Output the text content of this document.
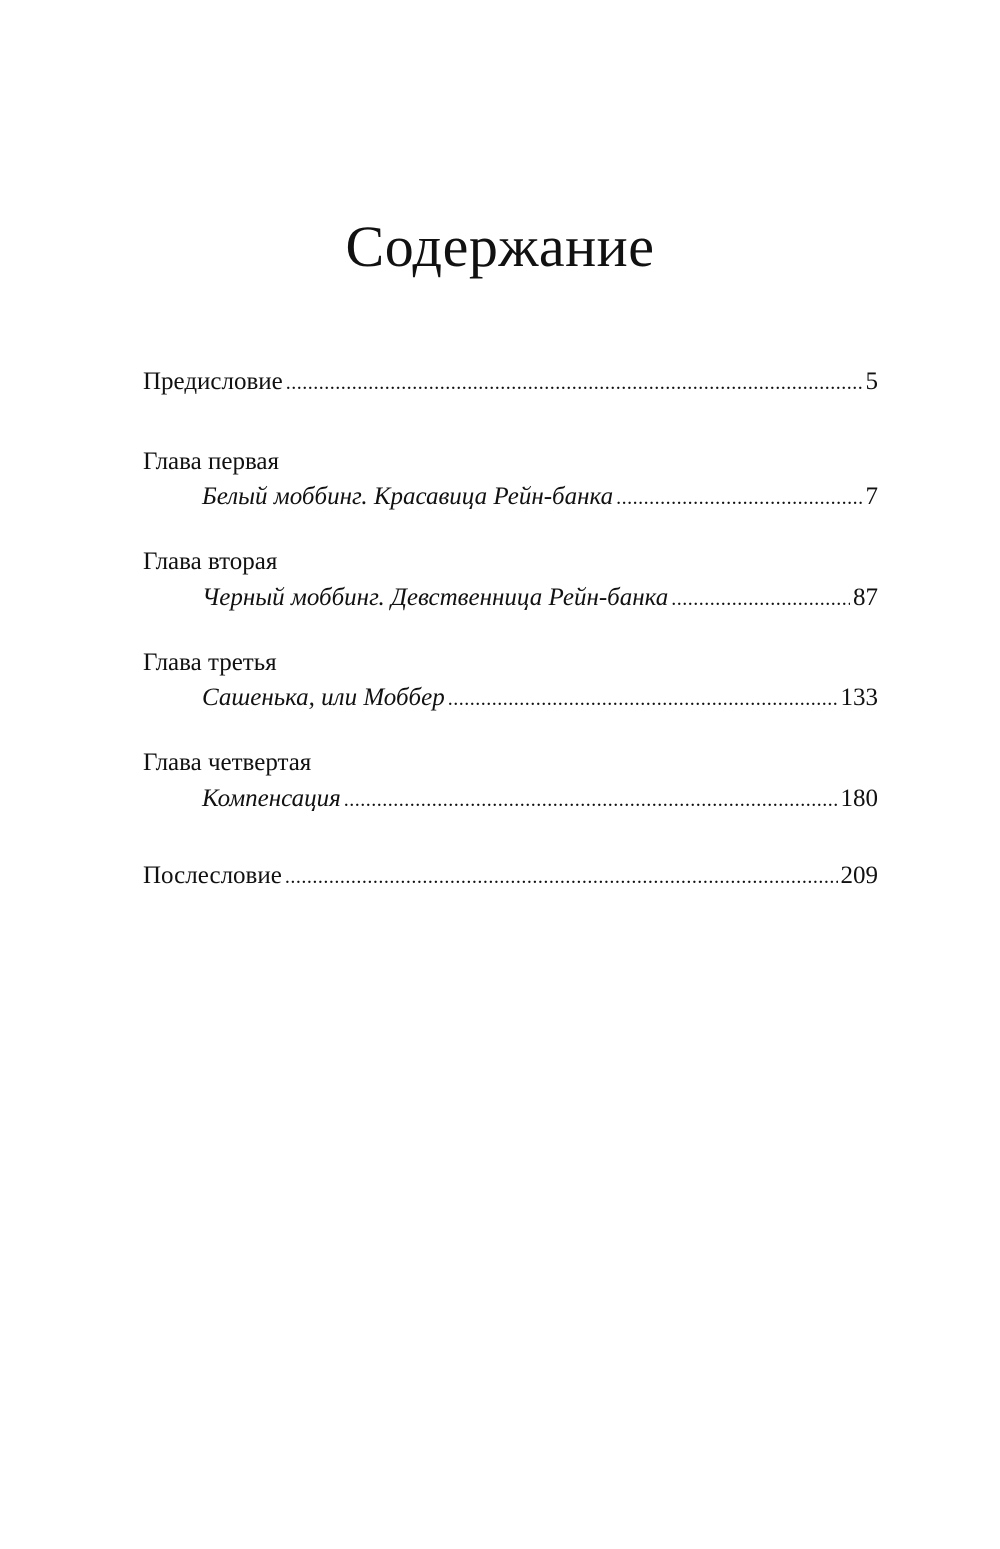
Содержание
Предисловие .....	5
Глава первая
Белый моббинг. Красавица Рейн-банка .....	7
Глава вторая
Черный моббинг. Девственница Рейн-банка .....	87
Глава третья
Сашенька, или Моббер .....	133
Глава четвертая
Компенсация .....	180
Послесловие .....	209
